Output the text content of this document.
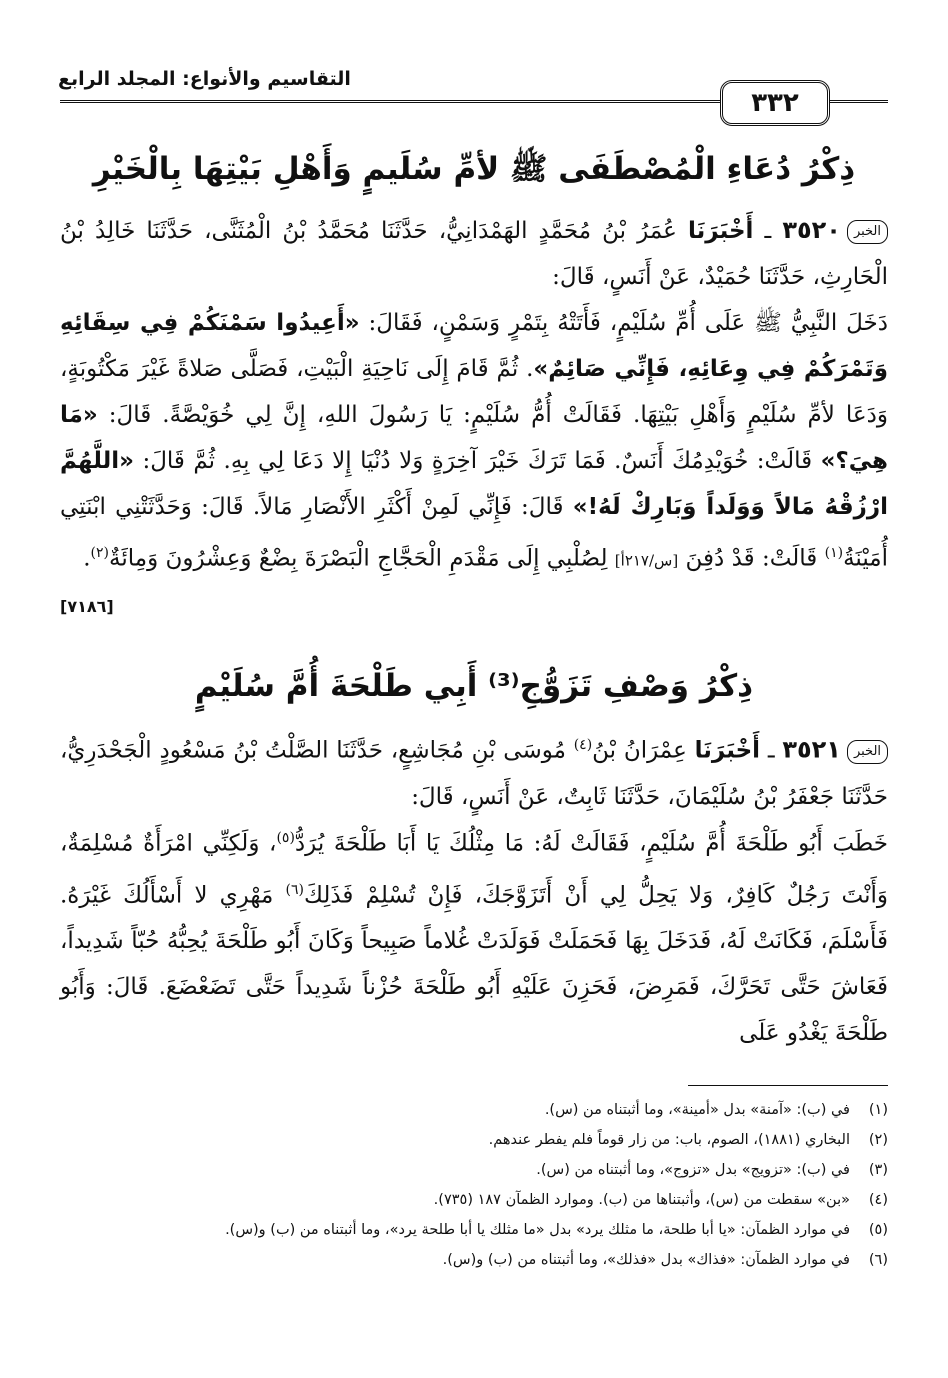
التقاسيم والأنواع: المجلد الرابع
٣٣٢
ذِكْرُ دُعَاءِ الْمُصْطَفَى ﷺ لأمِّ سُلَيمٍ وَأَهْلِ بَيْتِهَا بِالْخَيْرِ
الخبر٣٥٢٠ ـ أَخْبَرَنَا عُمَرُ بْنُ مُحَمَّدٍ الهَمْدَانِيُّ، حَدَّثَنَا مُحَمَّدُ بْنُ الْمُثَنَّى، حَدَّثَنَا خَالِدُ بْنُ الْحَارِثِ، حَدَّثَنَا حُمَيْدٌ، عَنْ أَنَسٍ، قَالَ:
دَخَلَ النَّبِيُّ ﷺ عَلَى أُمِّ سُلَيْمٍ، فَأَتَتْهُ بِتَمْرٍ وَسَمْنٍ، فَقَالَ: «أَعِيدُوا سَمْنَكُمْ فِي سِقَائِهِ وَتَمْرَكُمْ فِي وِعَائِهِ، فَإِنِّي صَائِمٌ». ثُمَّ قَامَ إِلَى نَاحِيَةِ الْبَيْتِ، فَصَلَّى صَلاةً غَيْرَ مَكْتُوبَةٍ، وَدَعَا لأمِّ سُلَيْمٍ وَأَهْلِ بَيْتِهَا. فَقَالَتْ أُمُّ سُلَيْمٍ: يَا رَسُولَ اللهِ، إِنَّ لِي خُوَيْصَّةً. قَالَ: «مَا هِيَ؟» قَالَتْ: خُوَيْدِمُكَ أَنَسٌ. فَمَا تَرَكَ خَيْرَ آخِرَةٍ وَلا دُنْيَا إِلا دَعَا لِي بِهِ. ثُمَّ قَالَ: «اللَّهُمَّ ارْزُقْهُ مَالاً وَوَلَداً وَبَارِكْ لَهُ!» قَالَ: فَإِنِّي لَمِنْ أَكْثَرِ الأَنْصَارِ مَالاً. قَالَ: وَحَدَّثَتْنِي ابْنَتِي أُمَيْنَةُ$^{(١)}$ قَالَتْ: قَدْ دُفِنَ [س/٢١٧أ] لِصُلْبِي إِلَى مَقْدَمِ الْحَجَّاجِ الْبَصْرَةَ بِضْعٌ وَعِشْرُونَ وَمِائَةٌ$^{(٢)}$.
[٧١٨٦]
ذِكْرُ وَصْفِ تَزَوُّجِ⁽³⁾ أَبِي طَلْحَةَ أُمَّ سُلَيْمٍ
الخبر٣٥٢١ ـ أَخْبَرَنَا عِمْرَانُ بْنُ$^{(٤)}$ مُوسَى بْنِ مُجَاشِعٍ، حَدَّثَنَا الصَّلْتُ بْنُ مَسْعُودٍ الْجَحْدَرِيُّ، حَدَّثَنَا جَعْفَرُ بْنُ سُلَيْمَانَ، حَدَّثَنَا ثَابِتٌ، عَنْ أَنَسٍ، قَالَ:
خَطَبَ أَبُو طَلْحَةَ أُمَّ سُلَيْمٍ، فَقَالَتْ لَهُ: مَا مِثْلُكَ يَا أَبَا طَلْحَةَ يُرَدُّ$^{(٥)}$، وَلَكِنِّي امْرَأَةٌ مُسْلِمَةٌ، وَأَنْتَ رَجُلٌ كَافِرٌ، وَلا يَحِلُّ لِي أَنْ أَتَزَوَّجَكَ، فَإِنْ تُسْلِمْ فَذَلِكَ$^{(٦)}$ مَهْرِي لا أَسْأَلُكَ غَيْرَهُ. فَأَسْلَمَ، فَكَانَتْ لَهُ، فَدَخَلَ بِهَا فَحَمَلَتْ فَوَلَدَتْ غُلاماً صَبِيحاً وَكَانَ أَبُو طَلْحَةَ يُحِبُّهُ حُبّاً شَدِيداً، فَعَاشَ حَتَّى تَحَرَّكَ، فَمَرِضَ، فَحَزِنَ عَلَيْهِ أَبُو طَلْحَةَ حُزْناً شَدِيداً حَتَّى تَضَعْضَعَ. قَالَ: وَأَبُو طَلْحَةَ يَغْدُو عَلَى
(١)
في (ب): «آمنة» بدل «أمينة»، وما أثبتناه من (س).
(٢)
البخاري (١٨٨١)، الصوم، باب: من زار قوماً فلم يفطر عندهم.
(٣)
في (ب): «تزويج» بدل «تزوج»، وما أثبتناه من (س).
(٤)
«بن» سقطت من (س)، وأثبتناها من (ب). وموارد الظمآن ١٨٧ (٧٣٥).
(٥)
في موارد الظمآن: «يا أبا طلحة، ما مثلك يرد» بدل «ما مثلك يا أبا طلحة يرد»، وما أثبتناه من (ب) و(س).
(٦)
في موارد الظمآن: «فذاك» بدل «فذلك»، وما أثبتناه من (ب) و(س).
